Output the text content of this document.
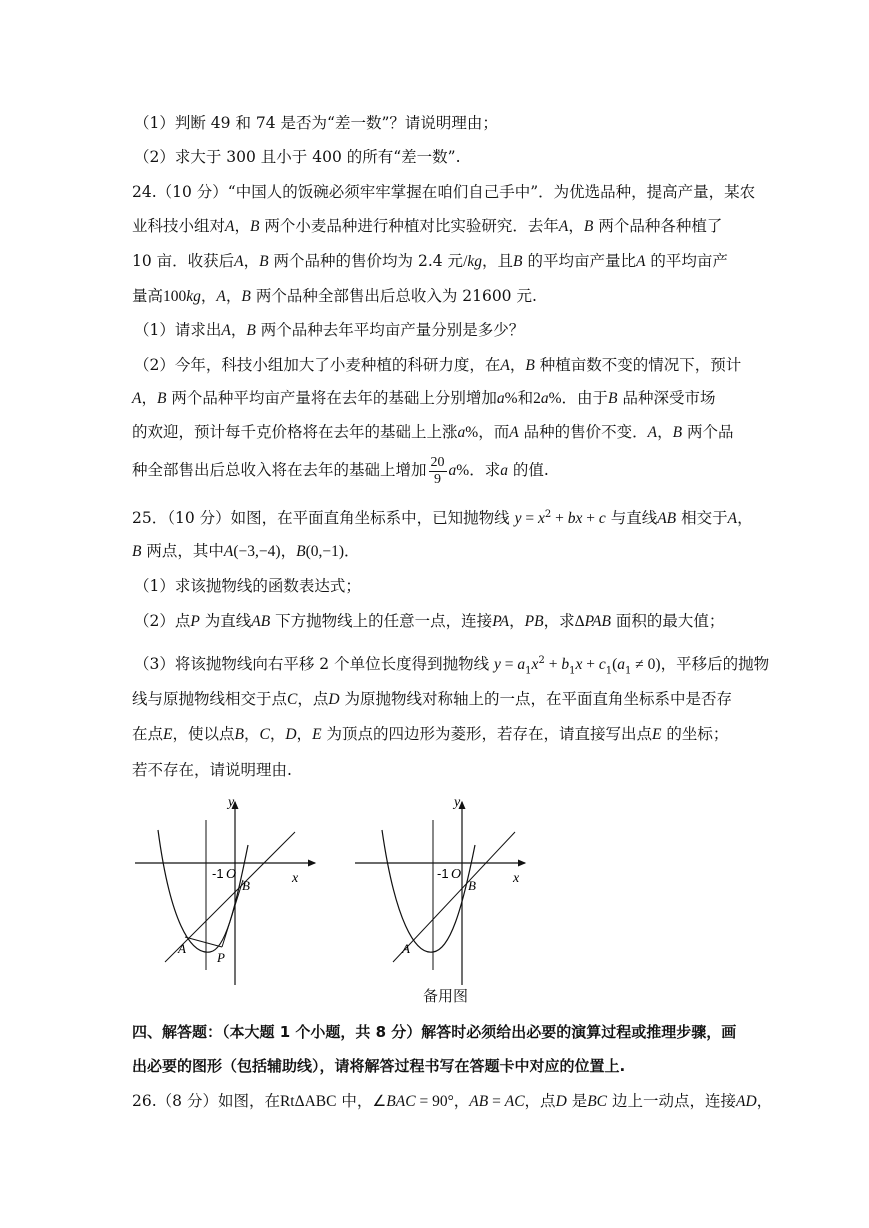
（1）判断 49 和 74 是否为“差一数”？请说明理由；
（2）求大于 300 且小于 400 的所有“差一数”.
24.（10 分）“中国人的饭碗必须牢牢掌握在咱们自己手中”．为优选品种，提高产量，某农
业科技小组对A，B 两个小麦品种进行种植对比实验研究．去年A，B 两个品种各种植了
10 亩．收获后A，B 两个品种的售价均为 2.4 元/kg，且B 的平均亩产量比A 的平均亩产
量高100kg，A，B 两个品种全部售出后总收入为 21600 元.
（1）请求出A，B 两个品种去年平均亩产量分别是多少？
（2）今年，科技小组加大了小麦种植的科研力度，在A，B 种植亩数不变的情况下，预计
A，B 两个品种平均亩产量将在去年的基础上分别增加a%和2a%．由于B 品种深受市场
的欢迎，预计每千克价格将在去年的基础上上涨a%，而A 品种的售价不变．A，B 两个品
种全部售出后总收入将在去年的基础上增加 $\frac{20}{9} a\%$．求a 的值.
25．（10 分）如图，在平面直角坐标系中，已知抛物线 $y = x^2$ + bx + c 与直线AB 相交于A，
B 两点，其中A(−3,−4)，B(0,−1)．
（1）求该抛物线的函数表达式；
（2）点P 为直线AB 下方抛物线上的任意一点，连接PA，PB，求ΔPAB 面积的最大值；
（3）将该抛物线向右平移 2 个单位长度得到抛物线 $y = a_1x^2 + b_1x + c_1(a_1 \ne 0)$，平移后的抛物
线与原抛物线相交于点C，点D 为原抛物线对称轴上的一点，在平面直角坐标系中是否存
在点E，使以点B，C，D，E 为顶点的四边形为菱形，若存在，请直接写出点E 的坐标；
若不存在，请说明理由.
y
x
-1 O
B
A
P
y
x
-1 O
B
A
备用图
四、解答题：（本大题 1 个小题，共 8 分）解答时必须给出必要的演算过程或推理步骤，画
出必要的图形（包括辅助线），请将解答过程书写在答题卡中对应的位置上.
26.（8 分）如图，在RtΔABC 中，∠BAC = 90°，AB = AC，点D 是BC 边上一动点，连接AD，
